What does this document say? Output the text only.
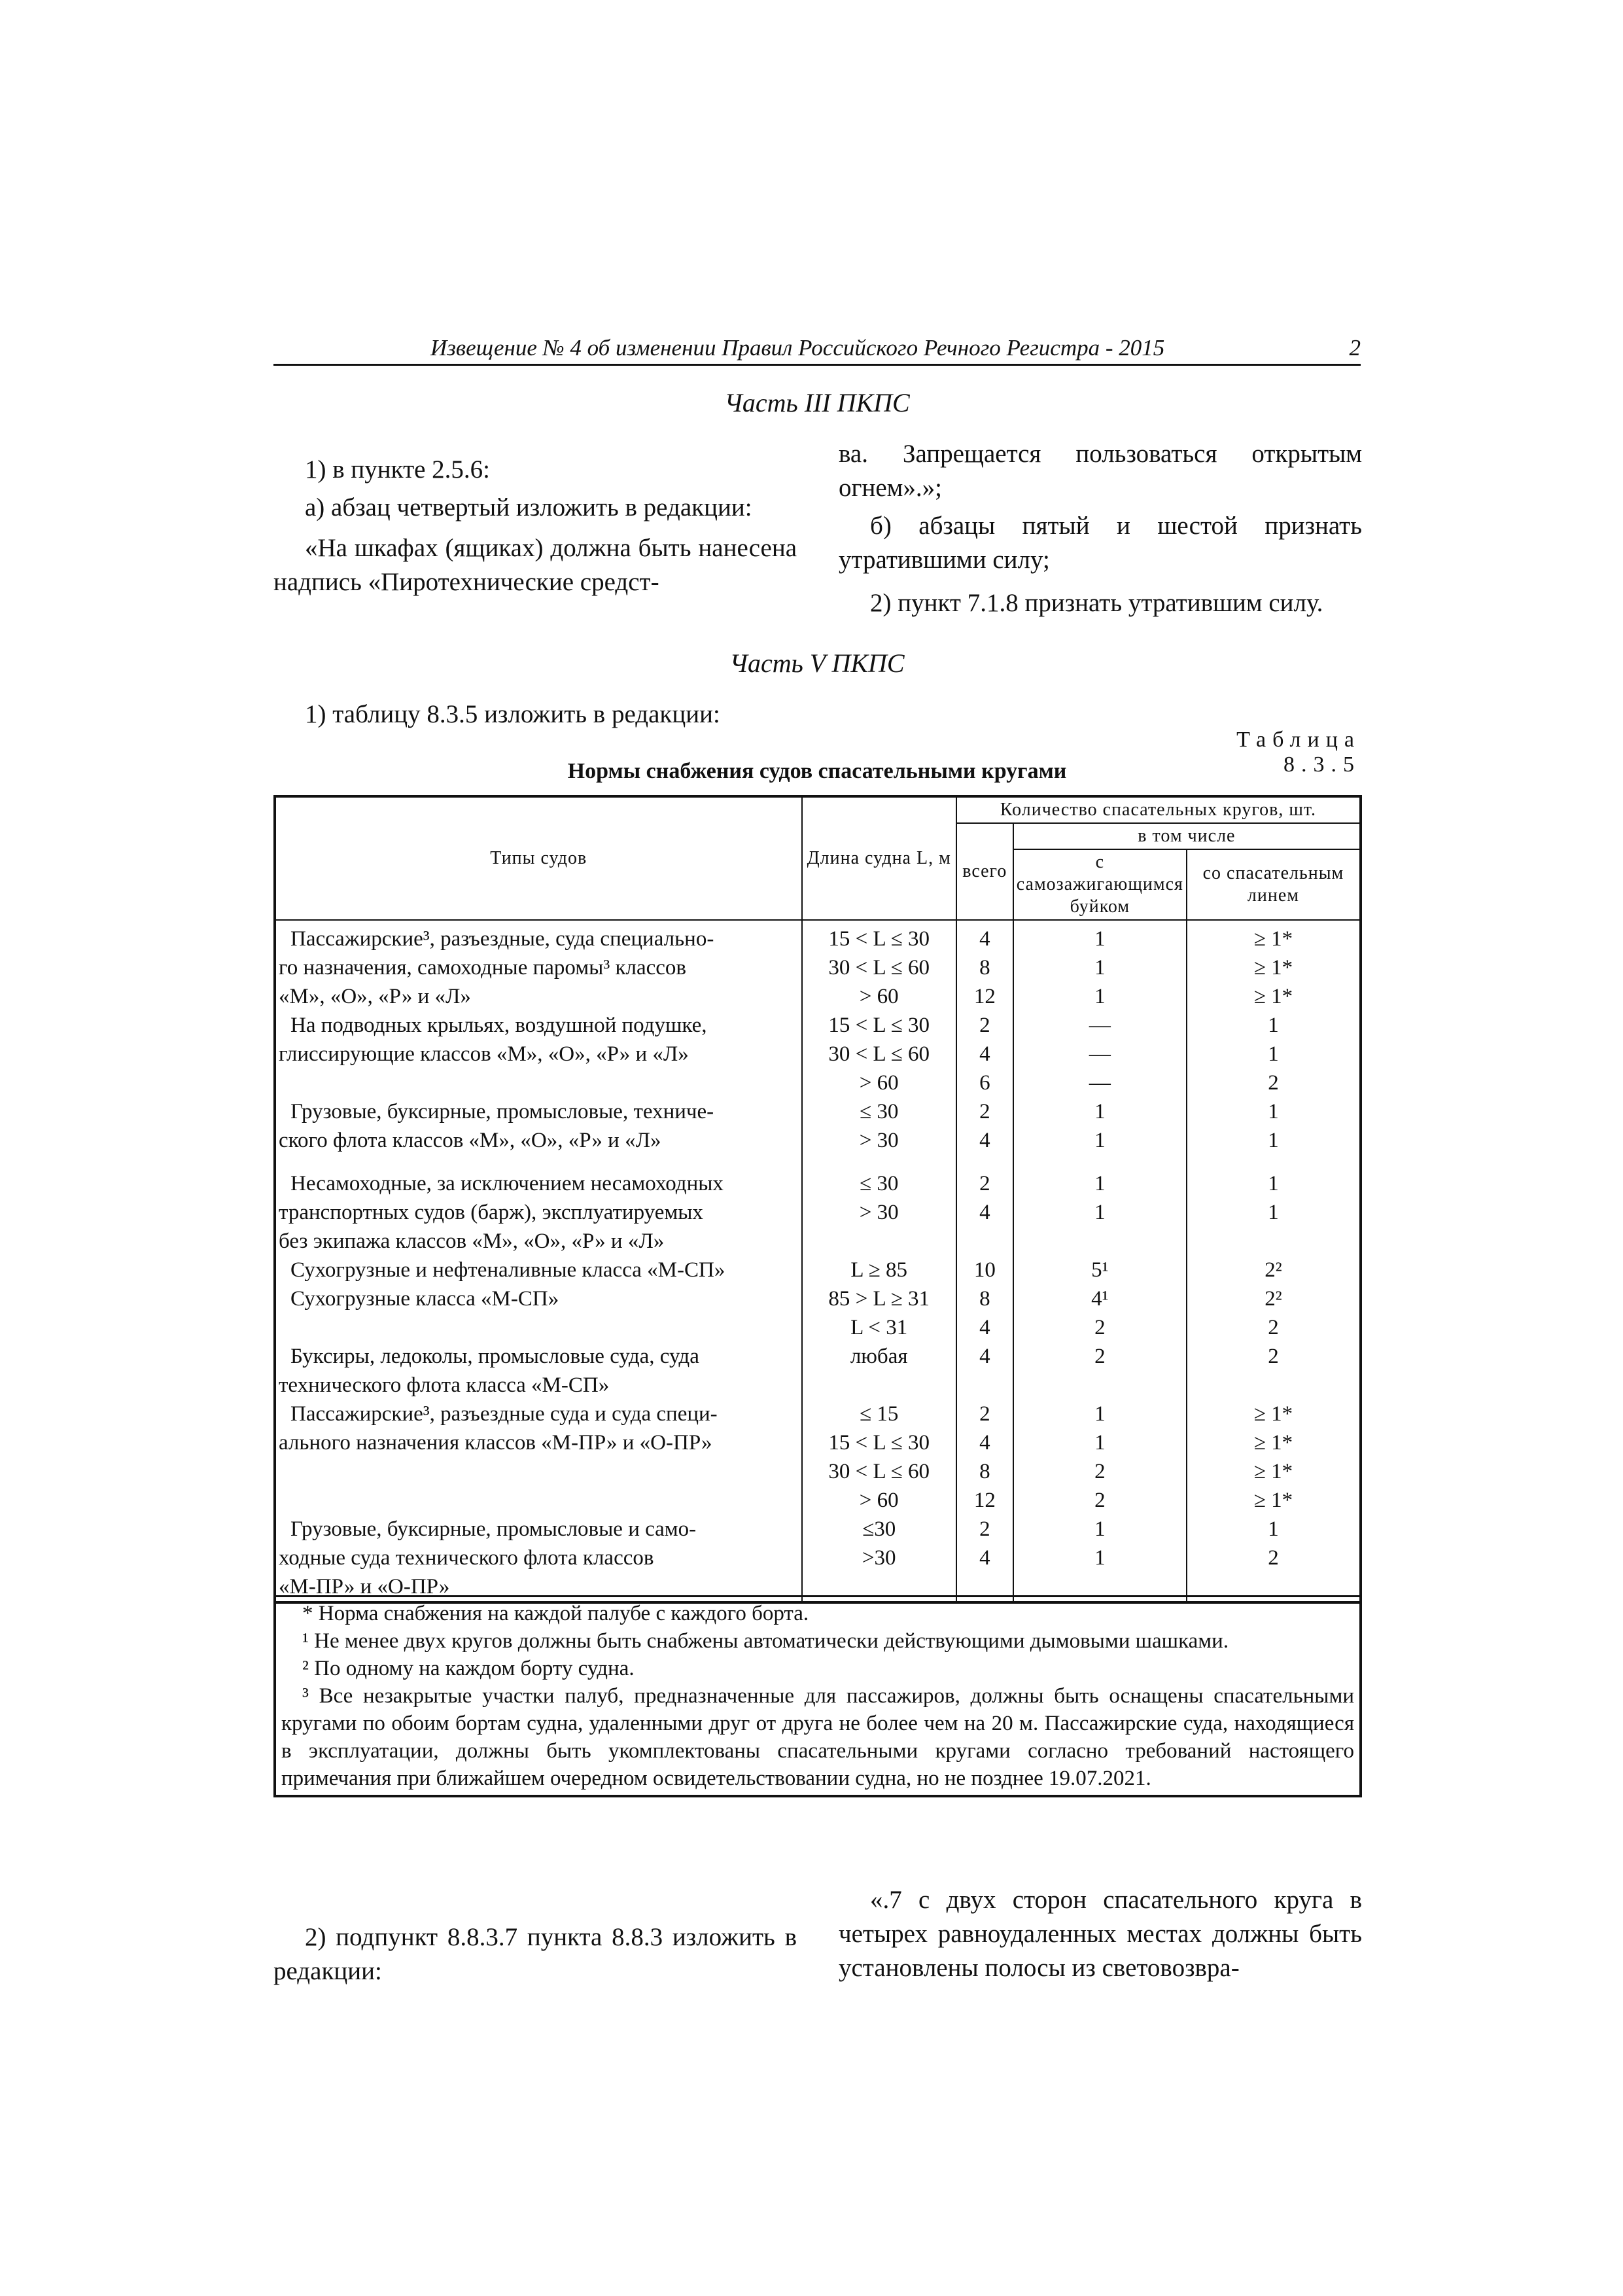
Извещение № 4 об изменении Правил Российского Речного Регистра - 2015	2
Часть III ПКПС

1) в пункте 2.5.6:

а) абзац четвертый изложить в редакции:

«На шкафах (ящиках) должна быть нанесена надпись «Пиротехнические средст-

ва. Запрещается пользоваться открытым огнем».»;

б) абзацы пятый и шестой признать утратившими силу;

2) пункт 7.1.8 признать утратившим силу.

Часть V ПКПС

1) таблицу 8.3.5 изложить в редакции:

Таблица 8.3.5
Нормы снабжения судов спасательными кругами
Типы судов	Длина судна L, м	Количество спасательных кругов, шт.		
		всего	в том числе	
			с самозажигающимся буйком	со спасательным линем
Пассажирские³, разъездные, суда специально-	15 < L ≤ 30	4	1	≥ 1*
го назначения, самоходные паромы³ классов	30 < L ≤ 60	8	1	≥ 1*
«М», «О», «Р» и «Л»	> 60	12	1	≥ 1*
На подводных крыльях, воздушной подушке,	15 < L ≤ 30	2	—	1
глиссирующие классов «М», «О», «Р» и «Л»	30 < L ≤ 60	4	—	1
	> 60	6	—	2
Грузовые, буксирные, промысловые, техниче-	≤ 30	2	1	1
ского флота классов «М», «О», «Р» и «Л»	> 30	4	1	1
Несамоходные, за исключением несамоходных	≤ 30	2	1	1
транспортных судов (барж), эксплуатируемых	> 30	4	1	1
без экипажа классов «М», «О», «Р» и «Л»				
Сухогрузные и нефтеналивные класса «М-СП»	L ≥ 85	10	5¹	2²
Сухогрузные класса «М-СП»	85 > L ≥ 31	8	4¹	2²
	L < 31	4	2	2
Буксиры, ледоколы, промысловые суда, суда	любая	4	2	2
технического флота класса «М-СП»				
Пассажирские³, разъездные суда и суда специ-	≤ 15	2	1	≥ 1*
ального назначения классов «М-ПР» и «О-ПР»	15 < L ≤ 30	4	1	≥ 1*
	30 < L ≤ 60	8	2	≥ 1*
	> 60	12	2	≥ 1*
Грузовые, буксирные, промысловые и само-	≤30	2	1	1
ходные суда технического флота классов	>30	4	1	2
«М-ПР» и «О-ПР»				

* Норма снабжения на каждой палубе с каждого борта.

¹ Не менее двух кругов должны быть снабжены автоматически действующими дымовыми шашками.

² По одному на каждом борту судна.

³ Все незакрытые участки палуб, предназначенные для пассажиров, должны быть оснащены спасательными кругами по обоим бортам судна, удаленными друг от друга не более чем на 20 м. Пассажирские суда, находящиеся в эксплуатации, должны быть укомплектованы спасательными кругами согласно требований настоящего примечания при ближайшем очередном освидетельствовании судна, но не позднее 19.07.2021.

2) подпункт 8.8.3.7 пункта 8.8.3 изложить в редакции:

«.7 с двух сторон спасательного круга в четырех равноудаленных местах должны быть установлены полосы из световозвра-
